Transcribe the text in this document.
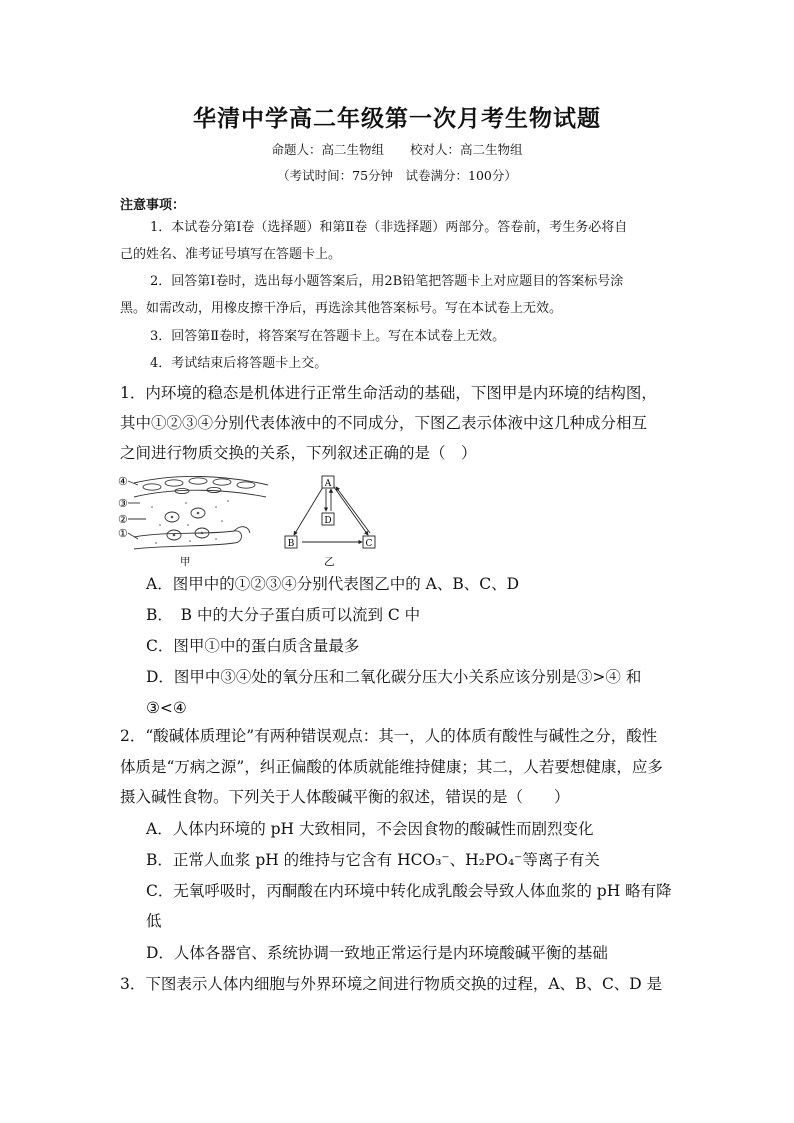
华清中学高二年级第一次月考生物试题
命题人：高二生物组 校对人：高二生物组
（考试时间：75分钟　试卷满分：100分）
注意事项：
1．本试卷分第Ⅰ卷（选择题）和第Ⅱ卷（非选择题）两部分。答卷前，考生务必将自
己的姓名、准考证号填写在答题卡上。
2．回答第Ⅰ卷时，选出每小题答案后，用2B铅笔把答题卡上对应题目的答案标号涂
黑。如需改动，用橡皮擦干净后，再选涂其他答案标号。写在本试卷上无效。
3．回答第Ⅱ卷时，将答案写在答题卡上。写在本试卷上无效。
4．考试结束后将答题卡上交。
1．内环境的稳态是机体进行正常生命活动的基础，下图甲是内环境的结构图，
其中①②③④分别代表体液中的不同成分，下图乙表示体液中这几种成分相互
之间进行物质交换的关系，下列叙述正确的是（　）
④
③
②
①
甲
A
D
B	C
乙
A．图甲中的①②③④分别代表图乙中的 A、B、C、D
B．　B 中的大分子蛋白质可以流到 C 中
C．图甲①中的蛋白质含量最多
D．图甲中③④处的氧分压和二氧化碳分压大小关系应该分别是③>④ 和
③<④
2．“酸碱体质理论”有两种错误观点：其一，人的体质有酸性与碱性之分，酸性
体质是“万病之源”，纠正偏酸的体质就能维持健康；其二，人若要想健康，应多
摄入碱性食物。下列关于人体酸碱平衡的叙述，错误的是（　　）
A．人体内环境的 pH 大致相同，不会因食物的酸碱性而剧烈变化
B．正常人血浆 pH 的维持与它含有 HCO₃⁻、H₂PO₄⁻等离子有关
C．无氧呼吸时，丙酮酸在内环境中转化成乳酸会导致人体血浆的 pH 略有降
低
D．人体各器官、系统协调一致地正常运行是内环境酸碱平衡的基础
3．下图表示人体内细胞与外界环境之间进行物质交换的过程，A、B、C、D 是
